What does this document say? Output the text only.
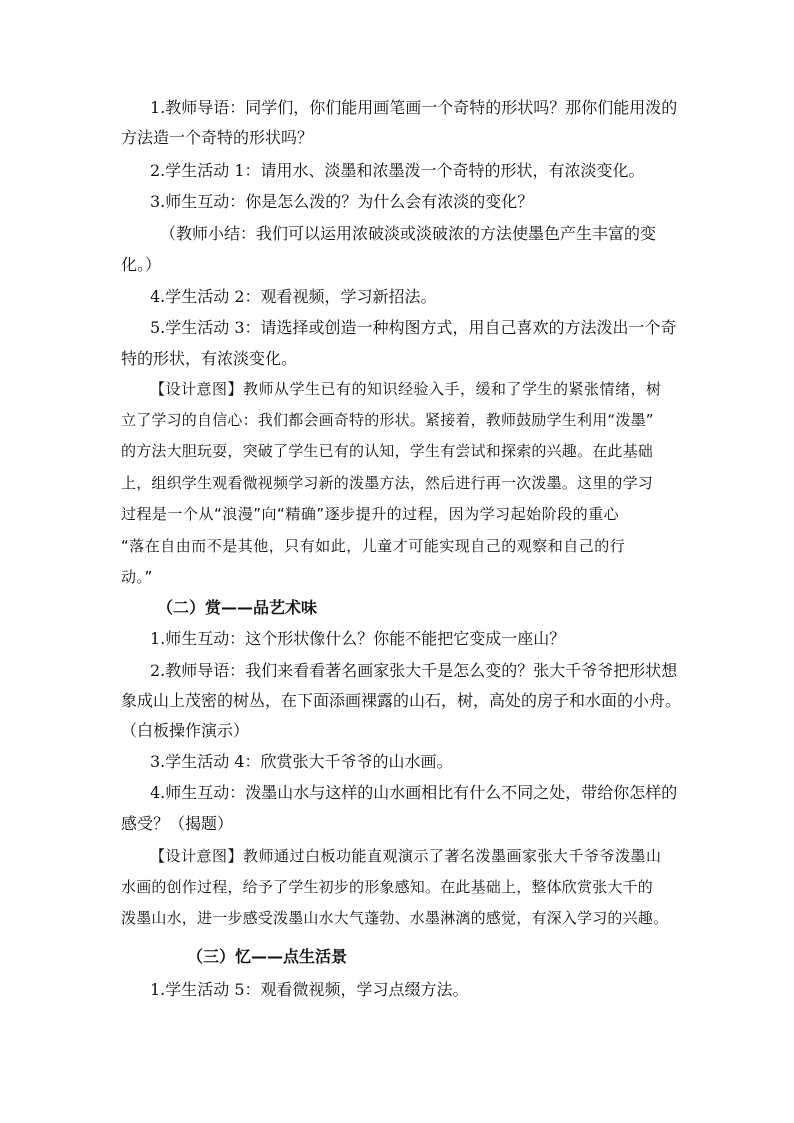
1.教师导语：同学们，你们能用画笔画一个奇特的形状吗？那你们能用泼的
方法造一个奇特的形状吗？
2.学生活动 1：请用水、淡墨和浓墨泼一个奇特的形状，有浓淡变化。
3.师生互动：你是怎么泼的？为什么会有浓淡的变化？
（教师小结：我们可以运用浓破淡或淡破浓的方法使墨色产生丰富的变
化。）
4.学生活动 2：观看视频，学习新招法。
5.学生活动 3：请选择或创造一种构图方式，用自己喜欢的方法泼出一个奇
特的形状，有浓淡变化。
【设计意图】教师从学生已有的知识经验入手，缓和了学生的紧张情绪，树
立了学习的自信心：我们都会画奇特的形状。紧接着，教师鼓励学生利用“泼墨”
的方法大胆玩耍，突破了学生已有的认知，学生有尝试和探索的兴趣。在此基础
上，组织学生观看微视频学习新的泼墨方法，然后进行再一次泼墨。这里的学习
过程是一个从“浪漫”向“精确”逐步提升的过程，因为学习起始阶段的重心
“落在自由而不是其他，只有如此，儿童才可能实现自己的观察和自己的行
动。”
（二）赏——品艺术味
1.师生互动：这个形状像什么？你能不能把它变成一座山？
2.教师导语：我们来看看著名画家张大千是怎么变的？张大千爷爷把形状想
象成山上茂密的树丛，在下面添画裸露的山石，树，高处的房子和水面的小舟。
（白板操作演示）
3.学生活动 4：欣赏张大千爷爷的山水画。
4.师生互动：泼墨山水与这样的山水画相比有什么不同之处，带给你怎样的
感受？（揭题）
【设计意图】教师通过白板功能直观演示了著名泼墨画家张大千爷爷泼墨山
水画的创作过程，给予了学生初步的形象感知。在此基础上，整体欣赏张大千的
泼墨山水，进一步感受泼墨山水大气蓬勃、水墨淋漓的感觉，有深入学习的兴趣。
（三）忆——点生活景
1.学生活动 5：观看微视频，学习点缀方法。
